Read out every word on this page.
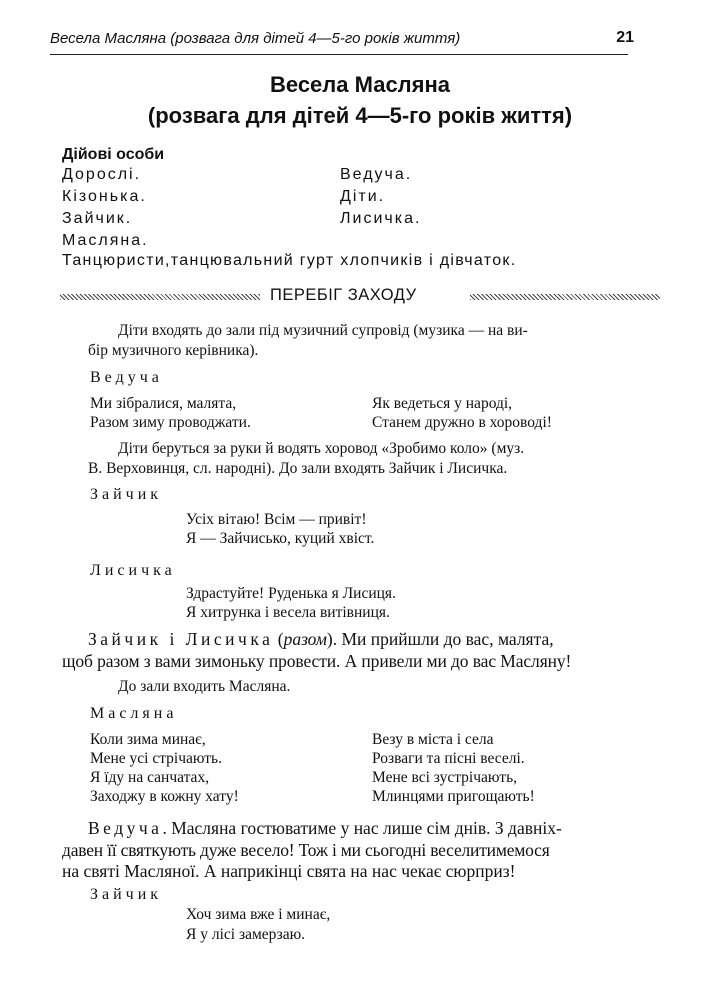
Весела Масляна (розвага для дітей 4—5-го років життя)	21
Весела Масляна
(розвага для дітей 4—5-го років життя)
Дійові особи
Дорослі.
Кізонька.
Зайчик.
Масляна.
Ведуча.
Діти.
Лисичка.
Танцюристи,танцювальний гурт хлопчиків і дівчаток.
ПЕРЕБІГ ЗАХОДУ
Діти входять до зали під музичний супровід (музика — на ви-
бір музичного керівника).
Ведуча
Ми зібралися, малята,
Разом зиму проводжати.
Як ведеться у народі,
Станем дружно в хороводі!
Діти беруться за руки й водять хоровод «Зробимо коло» (муз.
В. Верховинця, сл. народні). До зали входять Зайчик і Лисичка.
Зайчик
Усіх вітаю! Всім — привіт!
Я — Зайчисько, куций хвіст.
Лисичка
Здрастуйте! Руденька я Лисиця.
Я хитрунка і весела витівниця.
Зайчик і Лисичка (разом). Ми прийшли до вас, малята,
щоб разом з вами зимоньку провести. А привели ми до вас Масляну!
До зали входить Масляна.
Масляна
Коли зима минає,
Мене усі стрічають.
Я їду на санчатах,
Заходжу в кожну хату!
Везу в міста і села
Розваги та пісні веселі.
Мене всі зустрічають,
Млинцями пригощають!
Ведуча. Масляна гостюватиме у нас лише сім днів. З давніх-
давен її святкують дуже весело! Тож і ми сьогодні веселитимемося
на святі Масляної. А наприкінці свята на нас чекає сюрприз!
Зайчик
Хоч зима вже і минає,
Я у лісі замерзаю.
